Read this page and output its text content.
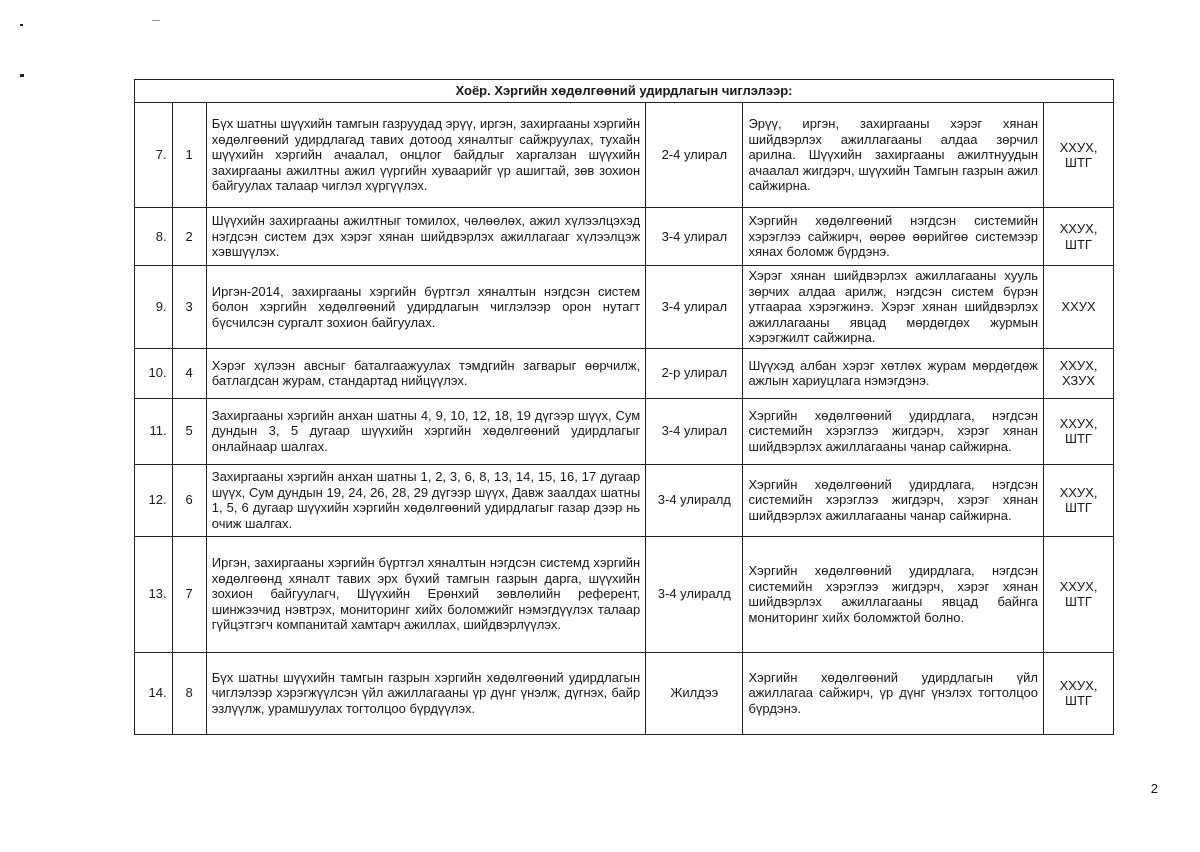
Хоёр. Хэргийн хөдөлгөөний удирдлагын чиглэлээр:					
7.	1	Бүх шатны шүүхийн тамгын газруудад эрүү, иргэн, захиргааны хэргийн хөдөлгөөний удирдлагад тавих дотоод хяналтыг сайжруулах, тухайн шүүхийн хэргийн ачаалал, онцлог байдлыг харгалзан шүүхийн захиргааны ажилтны ажил үүргийн хуваарийг үр ашигтай, зөв зохион байгуулах талаар чиглэл хүргүүлэх.	2-4 улирал	Эрүү, иргэн, захиргааны хэрэг хянан шийдвэрлэх ажиллагааны алдаа зөрчил арилна. Шүүхийн захиргааны ажилтнуудын ачаалал жигдэрч, шүүхийн Тамгын газрын ажил сайжирна.	ХХУХ, ШТГ
8.	2	Шүүхийн захиргааны ажилтныг томилох, чөлөөлөх, ажил хүлээлцэхэд нэгдсэн систем дэх хэрэг хянан шийдвэрлэх ажиллагааг хүлээлцэж хэвшүүлэх.	3-4 улирал	Хэргийн хөдөлгөөний нэгдсэн системийн хэрэглээ сайжирч, өөрөө өөрийгөө системээр хянах боломж бүрдэнэ.	ХХУХ, ШТГ
9.	3	Иргэн-2014, захиргааны хэргийн бүртгэл хяналтын нэгдсэн систем болон хэргийн хөдөлгөөний удирдлагын чиглэлээр орон нутагт бүсчилсэн сургалт зохион байгуулах.	3-4 улирал	Хэрэг хянан шийдвэрлэх ажиллагааны хууль зөрчих алдаа арилж, нэгдсэн систем бүрэн утгаараа хэрэгжинэ. Хэрэг хянан шийдвэрлэх ажиллагааны явцад мөрдөгдөх журмын хэрэгжилт сайжирна.	ХХУХ
10.	4	Хэрэг хүлээн авсныг баталгаажуулах тэмдгийн загварыг өөрчилж, батлагдсан журам, стандартад нийцүүлэх.	2-р улирал	Шүүхэд албан хэрэг хөтлөх журам мөрдөгдөж ажлын хариуцлага нэмэгдэнэ.	ХХУХ, ХЗУХ
11.	5	Захиргааны хэргийн анхан шатны 4, 9, 10, 12, 18, 19 дүгээр шүүх, Сум дундын 3, 5 дугаар шүүхийн хэргийн хөдөлгөөний удирдлагыг онлайнаар шалгах.	3-4 улирал	Хэргийн хөдөлгөөний удирдлага, нэгдсэн системийн хэрэглээ жигдэрч, хэрэг хянан шийдвэрлэх ажиллагааны чанар сайжирна.	ХХУХ, ШТГ
12.	6	Захиргааны хэргийн анхан шатны 1, 2, 3, 6, 8, 13, 14, 15, 16, 17 дугаар шүүх, Сум дундын 19, 24, 26, 28, 29 дүгээр шүүх, Давж заалдах шатны 1, 5, 6 дугаар шүүхийн хэргийн хөдөлгөөний удирдлагыг газар дээр нь очиж шалгах.	3-4 улиралд	Хэргийн хөдөлгөөний удирдлага, нэгдсэн системийн хэрэглээ жигдэрч, хэрэг хянан шийдвэрлэх ажиллагааны чанар сайжирна.	ХХУХ, ШТГ
13.	7	Иргэн, захиргааны хэргийн бүртгэл хяналтын нэгдсэн системд хэргийн хөдөлгөөнд хяналт тавих эрх бүхий тамгын газрын дарга, шүүхийн зохион байгуулагч, Шүүхийн Ерөнхий зөвлөлийн референт, шинжээчид нэвтрэх, мониторинг хийх боломжийг нэмэгдүүлэх талаар гүйцэтгэгч компанитай хамтарч ажиллах, шийдвэрлүүлэх.	3-4 улиралд	Хэргийн хөдөлгөөний удирдлага, нэгдсэн системийн хэрэглээ жигдэрч, хэрэг хянан шийдвэрлэх ажиллагааны явцад байнга мониторинг хийх боломжтой болно.	ХХУХ, ШТГ
14.	8	Бүх шатны шүүхийн тамгын газрын хэргийн хөдөлгөөний удирдлагын чиглэлээр хэрэгжүүлсэн үйл ажиллагааны үр дүнг үнэлж, дүгнэх, байр эзлүүлж, урамшуулах тогтолцоо бүрдүүлэх.	Жилдээ	Хэргийн хөдөлгөөний удирдлагын үйл ажиллагаа сайжирч, үр дүнг үнэлэх тогтолцоо бүрдэнэ.	ХХУХ, ШТГ
2
